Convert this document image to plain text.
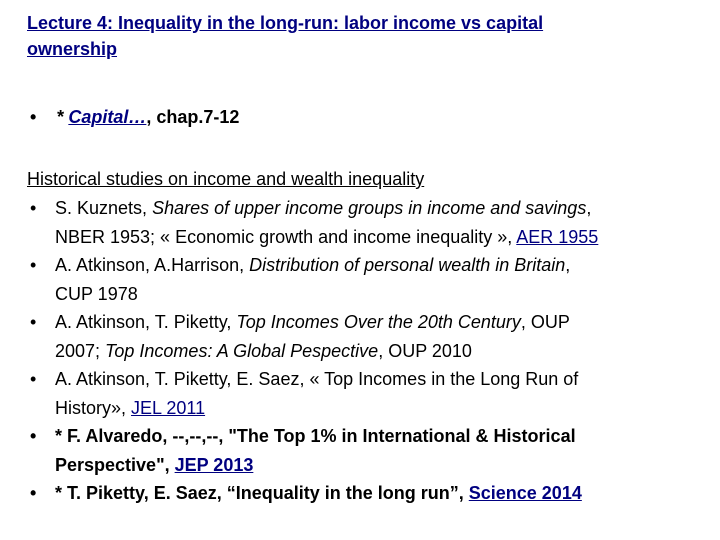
Lecture 4: Inequality in the long-run: labor income vs capital
ownership
• * Capital…, chap.7-12
Historical studies on income and wealth inequality
• S. Kuznets, Shares of upper income groups in income and savings,
NBER 1953; « Economic growth and income inequality », AER 1955
• A. Atkinson, A.Harrison, Distribution of personal wealth in Britain,
CUP 1978
• A. Atkinson, T. Piketty, Top Incomes Over the 20th Century, OUP
2007; Top Incomes: A Global Pespective, OUP 2010
• A. Atkinson, T. Piketty, E. Saez, « Top Incomes in the Long Run of
History», JEL 2011
• * F. Alvaredo, --,--,--, "The Top 1% in International & Historical
Perspective", JEP 2013
• * T. Piketty, E. Saez, “Inequality in the long run”, Science 2014
